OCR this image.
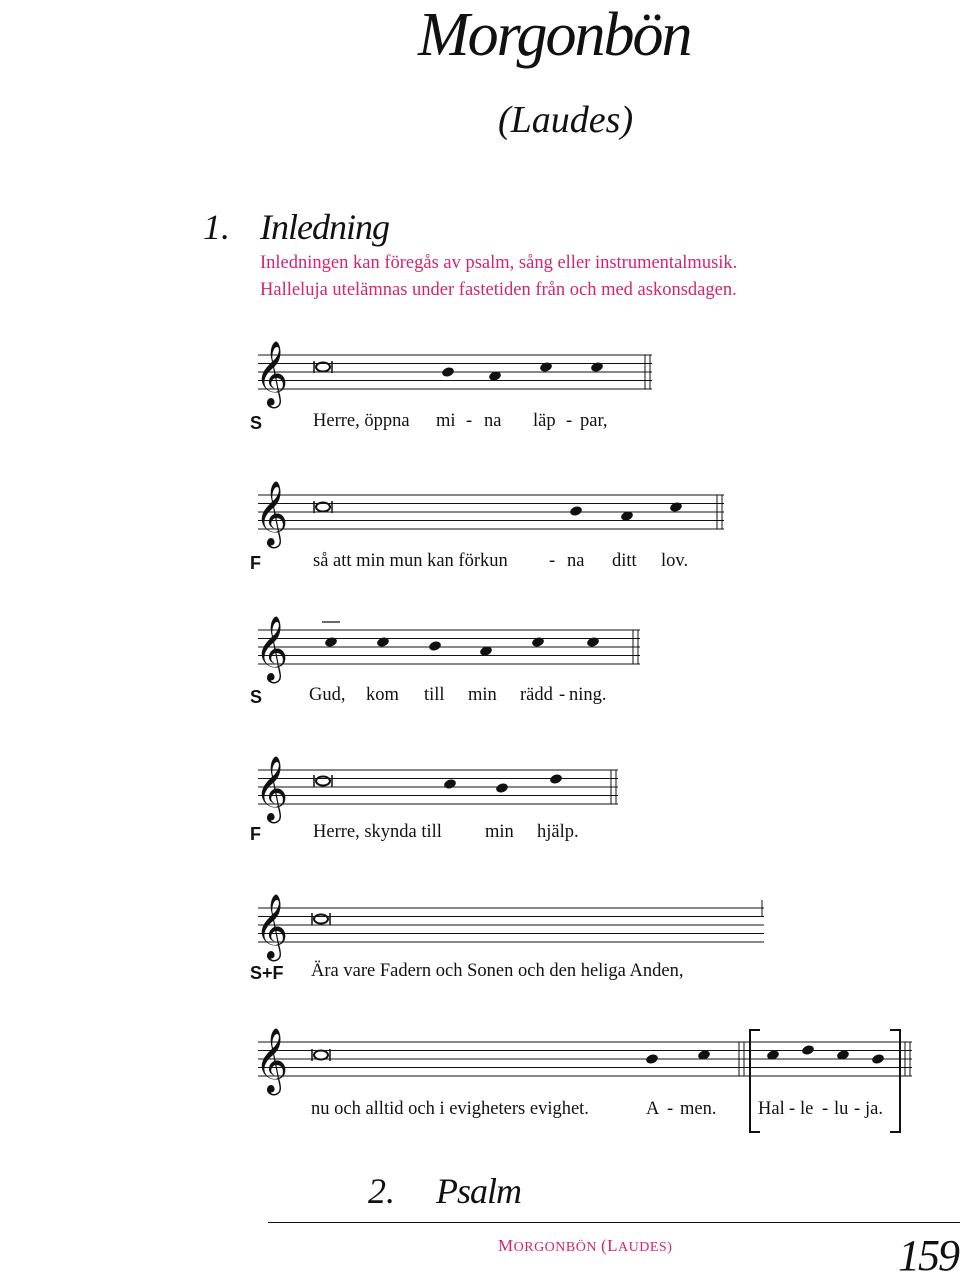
Morgonbön
(Laudes)
1. Inledning
Inledningen kan föregås av psalm, sång eller instrumentalmusik.
Halleluja utelämnas under fastetiden från och med askonsdagen.
𝄞
𝄞
𝄞
𝄞
𝄞
𝄞
S	Herre, öppna mi - na läp - par,
F	så att min mun kan förkun - na ditt lov.
S	Gud, kom till min rädd - ning.
F	Herre, skynda till min hjälp.
S+F Ära vare Fadern och Sonen och den heliga Anden,
nu och alltid och i evigheters evighet.	A - men. Hal - le - lu - ja.
2. Psalm
MORGONBÖN (LAUDES)	159
